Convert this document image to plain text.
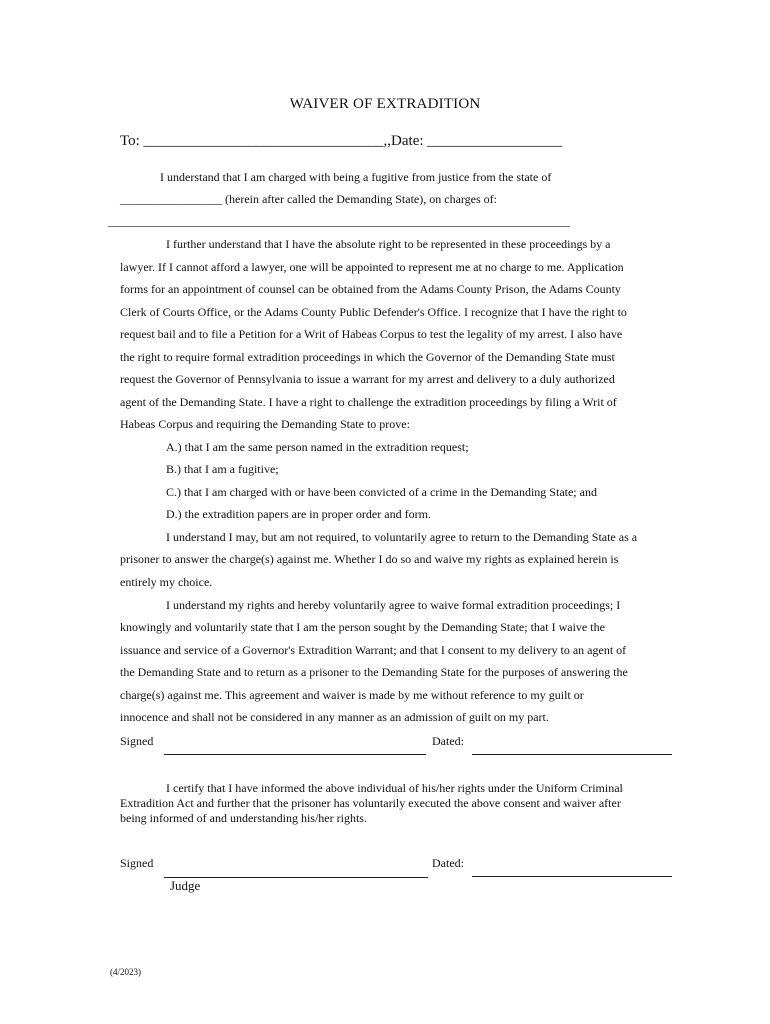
WAIVER OF EXTRADITION
To: ________________________________,,Date: __________________
I understand that I am charged with being a fugitive from justice from the state of
_________________ (herein after called the Demanding State), on charges of:
_____________________________________________________________________________
I further understand that I have the absolute right to be represented in these proceedings by a
lawyer. If I cannot afford a lawyer, one will be appointed to represent me at no charge to me. Application
forms for an appointment of counsel can be obtained from the Adams County Prison, the Adams County
Clerk of Courts Office, or the Adams County Public Defender's Office. I recognize that I have the right to
request bail and to file a Petition for a Writ of Habeas Corpus to test the legality of my arrest. I also have
the right to require formal extradition proceedings in which the Governor of the Demanding State must
request the Governor of Pennsylvania to issue a warrant for my arrest and delivery to a duly authorized
agent of the Demanding State. I have a right to challenge the extradition proceedings by filing a Writ of
Habeas Corpus and requiring the Demanding State to prove:
A.) that I am the same person named in the extradition request;
B.) that I am a fugitive;
C.) that I am charged with or have been convicted of a crime in the Demanding State; and
D.) the extradition papers are in proper order and form.
I understand I may, but am not required, to voluntarily agree to return to the Demanding State as a
prisoner to answer the charge(s) against me. Whether I do so and waive my rights as explained herein is
entirely my choice.
I understand my rights and hereby voluntarily agree to waive formal extradition proceedings; I
knowingly and voluntarily state that I am the person sought by the Demanding State; that I waive the
issuance and service of a Governor's Extradition Warrant; and that I consent to my delivery to an agent of
the Demanding State and to return as a prisoner to the Demanding State for the purposes of answering the
charge(s) against me. This agreement and waiver is made by me without reference to my guilt or
innocence and shall not be considered in any manner as an admission of guilt on my part.
Signed	Dated:
I certify that I have informed the above individual of his/her rights under the Uniform Criminal
Extradition Act and further that the prisoner has voluntarily executed the above consent and waiver after
being informed of and understanding his/her rights.
Signed	Dated:
Judge
(4/2023)
